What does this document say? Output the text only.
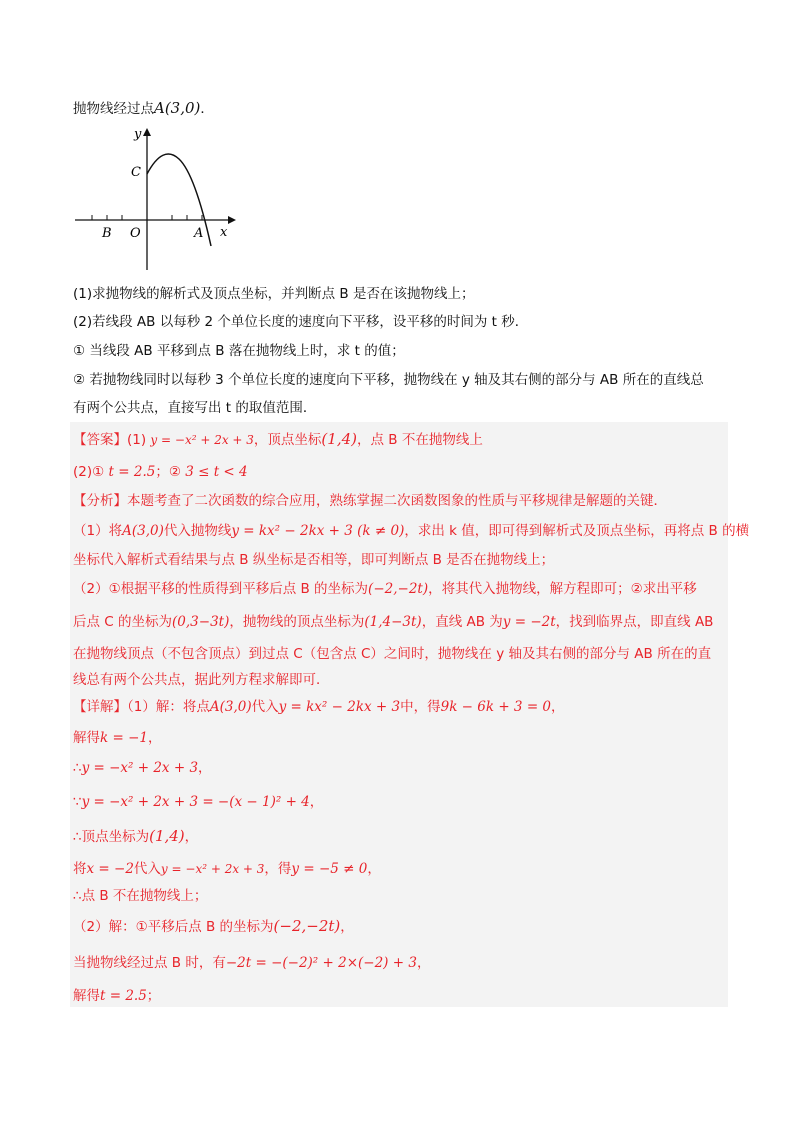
抛物线经过点A(3,0)．
y
C
B O	A x
(1)求抛物线的解析式及顶点坐标，并判断点 B 是否在该抛物线上；
(2)若线段 AB 以每秒 2 个单位长度的速度向下平移，设平移的时间为 t 秒．
① 当线段 AB 平移到点 B 落在抛物线上时，求 t 的值；
② 若抛物线同时以每秒 3 个单位长度的速度向下平移，抛物线在 y 轴及其右侧的部分与 AB 所在的直线总
有两个公共点，直接写出 t 的取值范围．
【答案】(1) y = −x² + 2x + 3，顶点坐标(1,4)，点 B 不在抛物线上
(2)① t = 2.5；② 3 ≤ t < 4
【分析】本题考查了二次函数的综合应用，熟练掌握二次函数图象的性质与平移规律是解题的关键．
（1）将A(3,0)代入抛物线y = kx² − 2kx + 3 (k ≠ 0)，求出 k 值，即可得到解析式及顶点坐标，再将点 B 的横
坐标代入解析式看结果与点 B 纵坐标是否相等，即可判断点 B 是否在抛物线上；
（2）①根据平移的性质得到平移后点 B 的坐标为(−2,−2t)，将其代入抛物线，解方程即可；②求出平移
后点 C 的坐标为(0,3−3t)，抛物线的顶点坐标为(1,4−3t)，直线 AB 为y = −2t，找到临界点，即直线 AB
在抛物线顶点（不包含顶点）到过点 C（包含点 C）之间时，抛物线在 y 轴及其右侧的部分与 AB 所在的直
线总有两个公共点，据此列方程求解即可．
【详解】（1）解：将点A(3,0)代入y = kx² − 2kx + 3中，得9k − 6k + 3 = 0，
解得k = −1，
∴y = −x² + 2x + 3，
∵y = −x² + 2x + 3 = −(x − 1)² + 4，
∴顶点坐标为(1,4)，
将x = −2代入y = −x² + 2x + 3，得y = −5 ≠ 0，
∴点 B 不在抛物线上；
（2）解：①平移后点 B 的坐标为(−2,−2t)，
当抛物线经过点 B 时，有−2t = −(−2)² + 2×(−2) + 3，
解得t = 2.5；
